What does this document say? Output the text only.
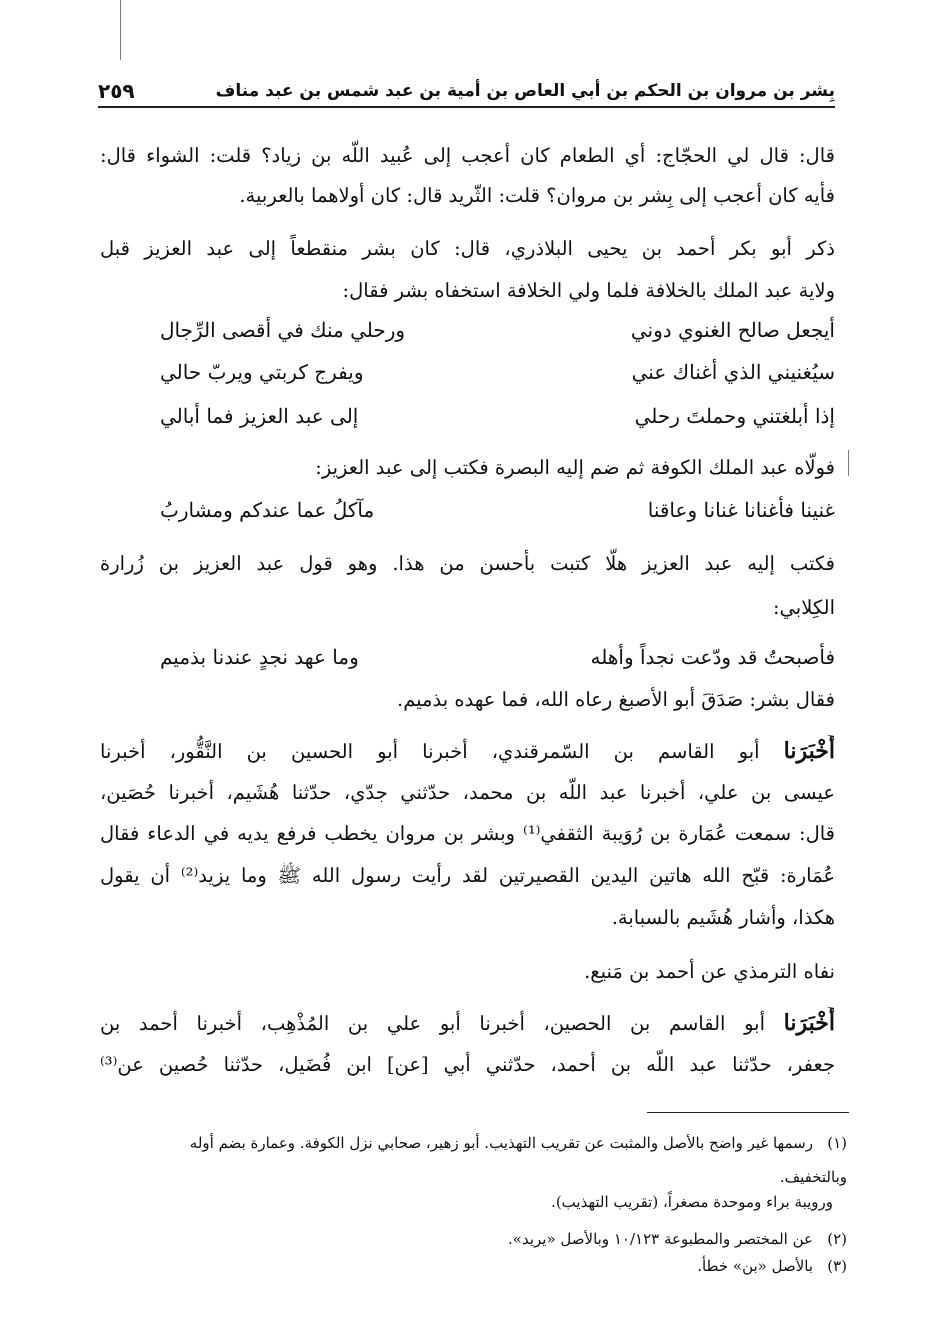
بِشر بن مروان بن الحكم بن أبي العاص بن أمية بن عبد شمس بن عبد مناف
٢٥٩
قال: قال لي الحجّاج: أي الطعام كان أعجب إلى عُبيد اللّه بن زياد؟ قلت: الشواء قال:
فأيه كان أعجب إلى بِشر بن مروان؟ قلت: الثّريد قال: كان أولاهما بالعربية.
ذكر أبو بكر أحمد بن يحيى البلاذري، قال: كان بشر منقطعاً إلى عبد العزيز قبل
ولاية عبد الملك بالخلافة فلما ولي الخلافة استخفاه بشر فقال:
أيجعل صالح الغنوي دوني
ورحلي منك في أقصى الرِّجال
سيُغنيني الذي أغناك عني
ويفرج كربتي ويربّ حالي
إذا أبلغتني وحملتَ رحلي
إلى عبد العزيز فما أبالي
فولّاه عبد الملك الكوفة ثم ضم إليه البصرة فكتب إلى عبد العزيز:
غنينا فأغنانا غنانا وعاقنا
مآكلُ عما عندكم ومشاربُ
فكتب إليه عبد العزيز هلّا كتبت بأحسن من هذا. وهو قول عبد العزيز بن زُرارة
الكِلابي:
فأصبحتُ قد ودّعت نجداً وأهله
وما عهد نجدٍ عندنا بذميم
فقال بشر: صَدَقَ أبو الأصبغ رعاه الله، فما عهده بذميم.
أَخْبَرَنا أبو القاسم بن السّمرقندي، أخبرنا أبو الحسين بن النَّقُّور، أخبرنا
عيسى بن علي، أخبرنا عبد اللّه بن محمد، حدّثني جدّي، حدّثنا هُشَيم، أخبرنا حُصَين،
قال: سمعت عُمَارة بن رُوَيبة الثقفي⁽¹⁾ وبشر بن مروان يخطب فرفع يديه في الدعاء فقال
عُمَارة: قبّح الله هاتين اليدين القصيرتين لقد رأيت رسول الله ﷺ وما يزيد⁽²⁾ أن يقول
هكذا، وأشار هُشَيم بالسبابة.
نفاه الترمذي عن أحمد بن مَنيع.
أَخْبَرَنا أبو القاسم بن الحصين، أخبرنا أبو علي بن المُذْهِب، أخبرنا أحمد بن
جعفر، حدّثنا عبد اللّه بن أحمد، حدّثني أبي [عن] ابن فُضَيل، حدّثنا حُصين عن⁽³⁾
(١)رسمها غير واضح بالأصل والمثبت عن تقريب التهذيب. أبو زهير، صحابي نزل الكوفة. وعمارة بضم أوله
وبالتخفيف.
ورويبة براء وموحدة مصغراً، (تقريب التهذيب).
(٢)عن المختصر والمطبوعة ١٠/١٢٣ وبالأصل «يريد».
(٣)بالأصل «بن» خطأ.
